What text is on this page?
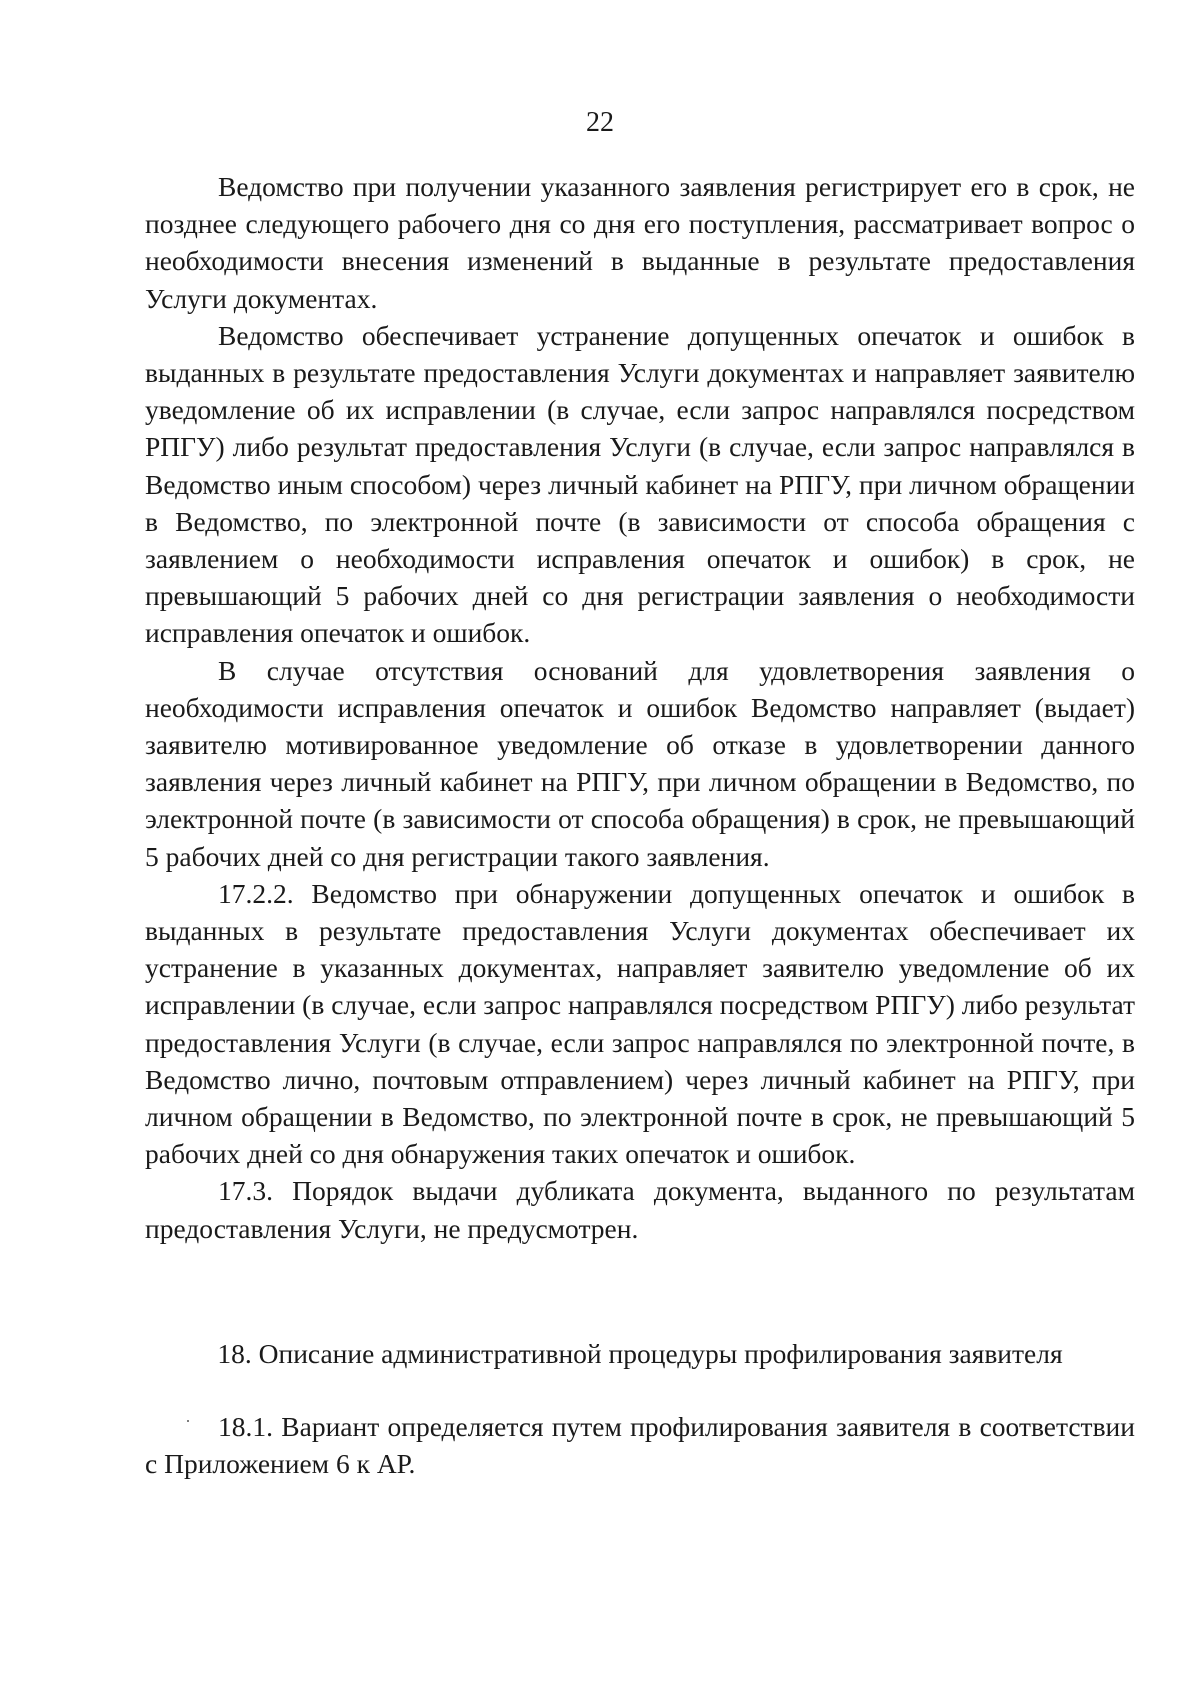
22

Ведомство при получении указанного заявления регистрирует его в срок, не позднее следующего рабочего дня со дня его поступления, рассматривает вопрос о необходимости внесения изменений в выданные в результате предоставления Услуги документах.

Ведомство обеспечивает устранение допущенных опечаток и ошибок в выданных в результате предоставления Услуги документах и направляет заявителю уведомление об их исправлении (в случае, если запрос направлялся посредством РПГУ) либо результат предоставления Услуги (в случае, если запрос направлялся в Ведомство иным способом) через личный кабинет на РПГУ, при личном обращении в Ведомство, по электронной почте (в зависимости от способа обращения с заявлением о необходимости исправления опечаток и ошибок) в срок, не превышающий 5 рабочих дней со дня регистрации заявления о необходимости исправления опечаток и ошибок.

В случае отсутствия оснований для удовлетворения заявления о необходимости исправления опечаток и ошибок Ведомство направляет (выдает) заявителю мотивированное уведомление об отказе в удовлетворении данного заявления через личный кабинет на РПГУ, при личном обращении в Ведомство, по электронной почте (в зависимости от способа обращения) в срок, не превышающий 5 рабочих дней со дня регистрации такого заявления.

17.2.2. Ведомство при обнаружении допущенных опечаток и ошибок в выданных в результате предоставления Услуги документах обеспечивает их устранение в указанных документах, направляет заявителю уведомление об их исправлении (в случае, если запрос направлялся посредством РПГУ) либо результат предоставления Услуги (в случае, если запрос направлялся по электронной почте, в Ведомство лично, почтовым отправлением) через личный кабинет на РПГУ, при личном обращении в Ведомство, по электронной почте в срок, не превышающий 5 рабочих дней со дня обнаружения таких опечаток и ошибок.

17.3. Порядок выдачи дубликата документа, выданного по результатам предоставления Услуги, не предусмотрен.

18. Описание административной процедуры профилирования заявителя

18.1. Вариант определяется путем профилирования заявителя в соответствии с Приложением 6 к АР.
